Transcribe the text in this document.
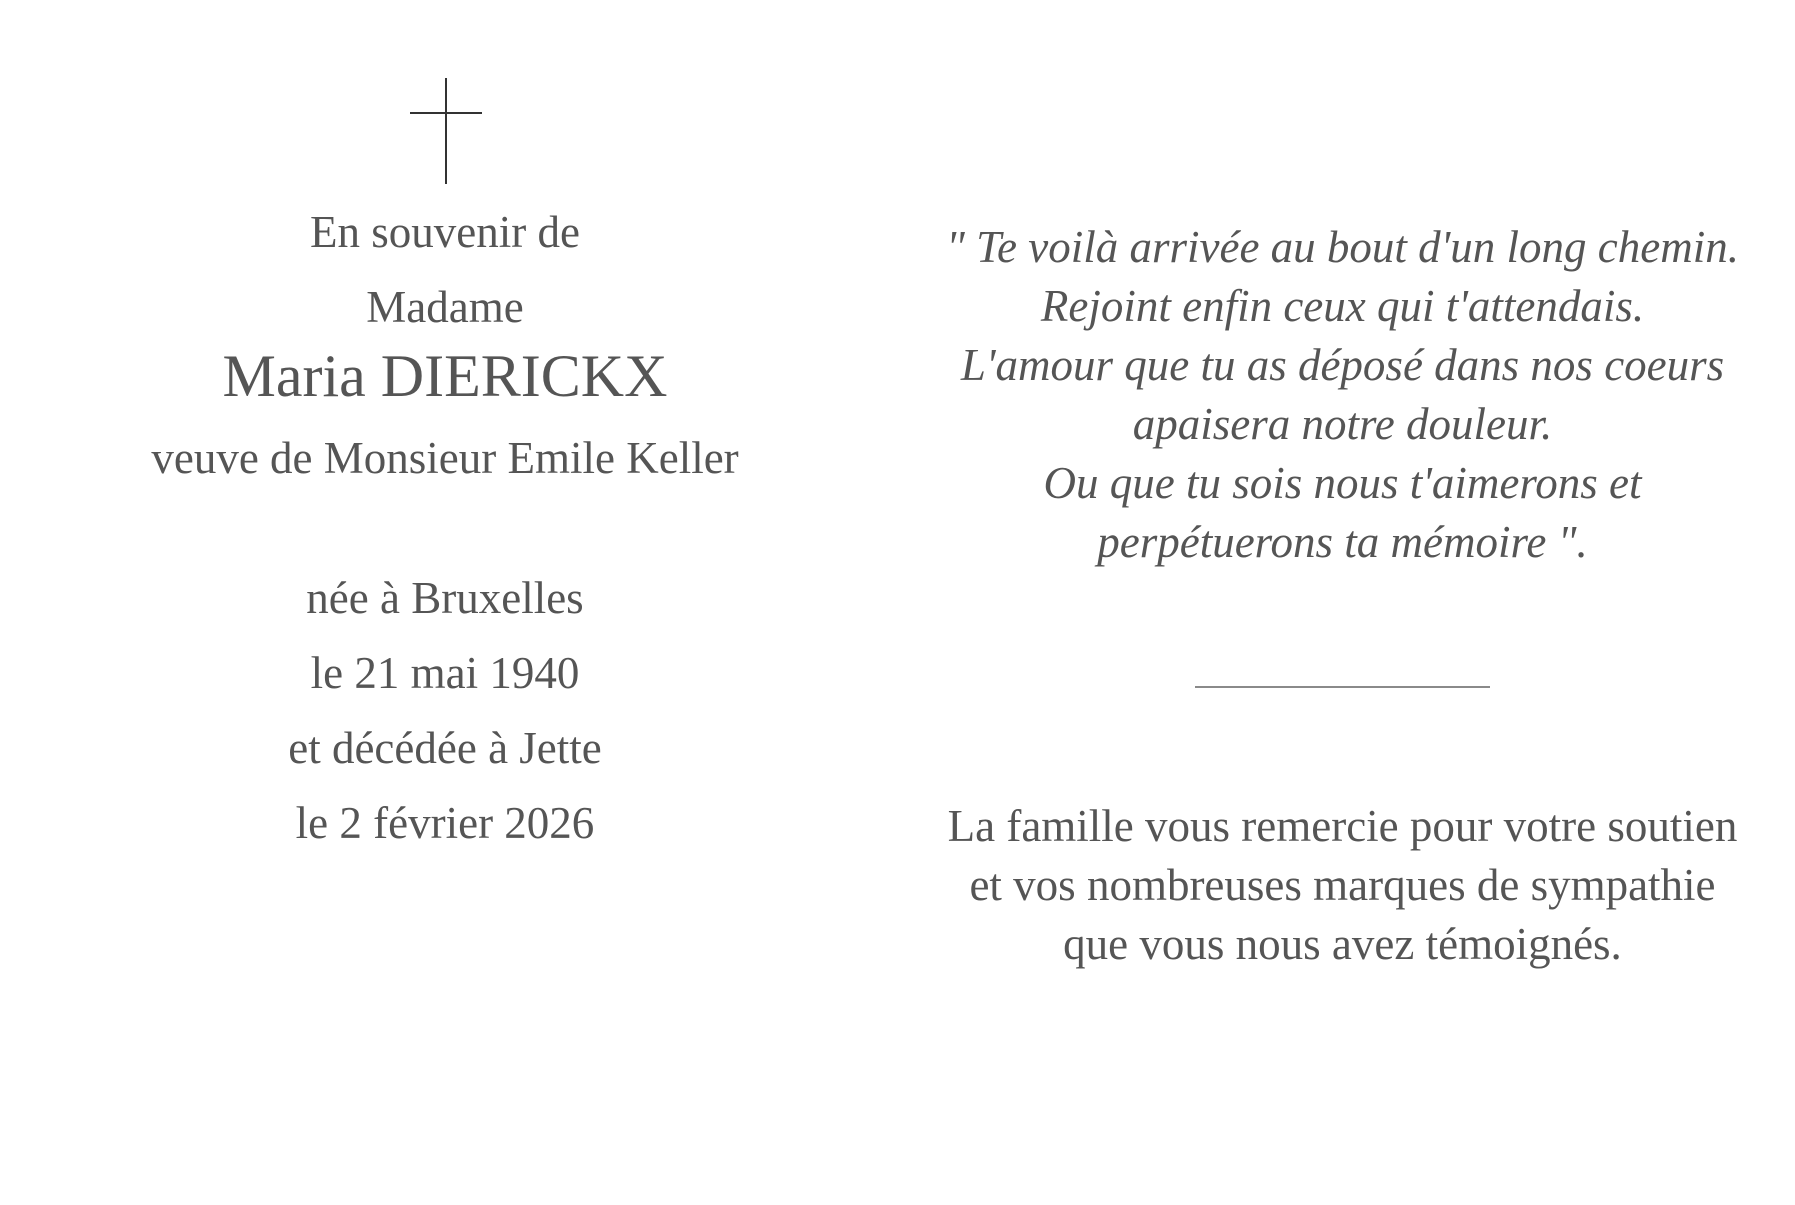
En souvenir de
Madame
Maria DIERICKX
veuve de Monsieur Emile Keller
née à Bruxelles
le 21 mai 1940
et décédée à Jette
le 2 février 2026
" Te voilà arrivée au bout d'un long chemin.
Rejoint enfin ceux qui t'attendais.
L'amour que tu as déposé dans nos coeurs
apaisera notre douleur.
Ou que tu sois nous t'aimerons et
perpétuerons ta mémoire ".
La famille vous remercie pour votre soutien
et vos nombreuses marques de sympathie
que vous nous avez témoignés.
